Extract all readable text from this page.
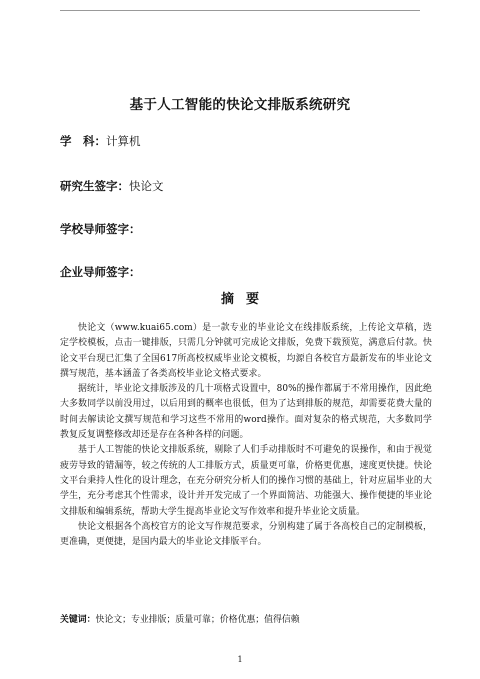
基于人工智能的快论文排版系统研究
学　科：计算机
研究生签字：快论文
学校导师签字：
企业导师签字：
摘要

快论文（www.kuai65.com）是一款专业的毕业论文在线排版系统，上传论文草稿，选定学校模板，点击一键排版，只需几分钟就可完成论文排版，免费下载预览，满意后付款。快论文平台现已汇集了全国617所高校权威毕业论文模板，均源自各校官方最新发布的毕业论文撰写规范，基本涵盖了各类高校毕业论文格式要求。

据统计，毕业论文排版涉及的几十项格式设置中，80%的操作都属于不常用操作，因此绝大多数同学以前没用过，以后用到的概率也很低，但为了达到排版的规范，却需要花费大量的时间去解读论文撰写规范和学习这些不常用的word操作。面对复杂的格式规范，大多数同学教复反复调整修改却还是存在各种各样的问题。

基于人工智能的快论文排版系统，剔除了人们手动排版时不可避免的误操作，和由于视觉疲劳导致的错漏等，较之传统的人工排版方式，质量更可靠，价格更优惠，速度更快捷。快论文平台秉持人性化的设计理念，在充分研究分析人们的操作习惯的基础上，针对应届毕业的大学生，充分考虑其个性需求，设计并开发完成了一个界面简洁、功能强大、操作便捷的毕业论文排版和编辑系统，帮助大学生提高毕业论文写作效率和提升毕业论文质量。

快论文根据各个高校官方的论文写作规范要求，分别构建了属于各高校自己的定制模板，更准确，更便捷，是国内最大的毕业论文排版平台。

关键词：快论文；专业排版；质量可靠；价格优惠；值得信赖
1
